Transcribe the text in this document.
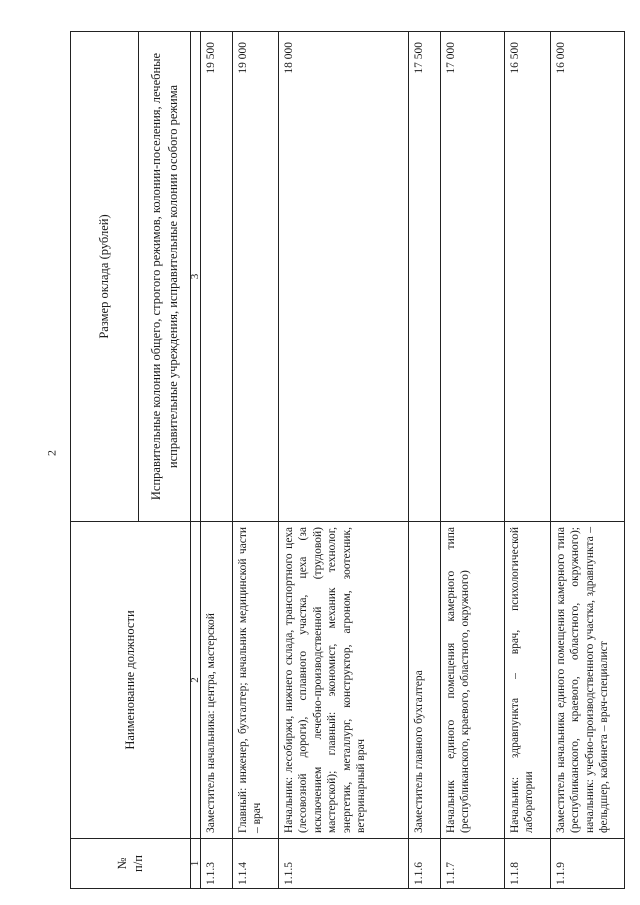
2
№
п/п	Наименование должности	Размер оклада (рублей)
		Исправительные колонии общего, строгого режимов, колонии-поселения, лечебные исправительные учреждения, исправительные колонии особого режима
1	2	3
1.1.3	Заместитель начальника: центра, мастерской	19 500
1.1.4	Главный: инженер, бухгалтер; начальник медицинской части – врач	19 000
1.1.5	Начальник: лесобиржи, нижнего склада, транспортного цеха (лесовозной дороги), сплавного участка, цеха (за исключением лечебно-производственной (трудовой) мастерской); главный: экономист, механик технолог, энергетик, металлург, конструктор, агроном, зоотехник, ветеринарный врач	18 000
1.1.6	Заместитель главного бухгалтера	17 500
1.1.7	Начальник единого помещения камерного типа (республиканского, краевого, областного, окружного)	17 000
1.1.8	Начальник: здравпункта – врач, психологической лаборатории	16 500
1.1.9	Заместитель начальника единого помещения камерного типа (республиканского, краевого, областного, окружного); начальник: учебно-производственного участка, здравпункта – фельдшер, кабинета – врач-специалист	16 000
